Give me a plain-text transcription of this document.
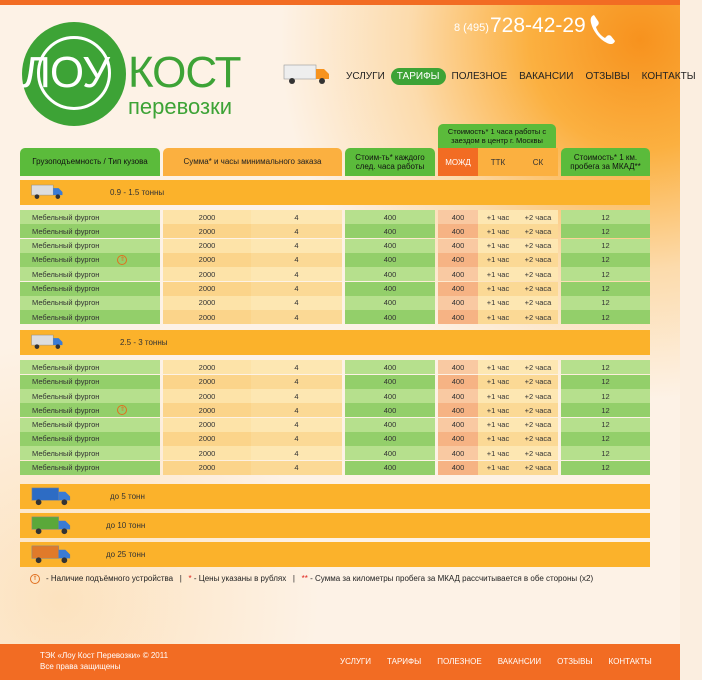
ЛОУ КОСТ
перевозки
8 (495) 728-42-29
УСЛУГИ	ТАРИФЫ	ПОЛЕЗНОЕ	ВАКАНСИИ	ОТЗЫВЫ	КОНТАКТЫ
Грузоподъемность / Тип кузова	Сумма* и часы минимального заказа
Стоим-ть* каждого след. часа работы
Стоимость* 1 часа работы с заездом в центр г. Москвы
МОЖД	ТТК	СК
Стоимость* 1 км. пробега за МКАД**
0.9 - 1.5 тонны
Мебельный фургон	2000	4	400	400	+1 час	+2 часа	12
Мебельный фургон	2000	4	400	400	+1 час	+2 часа	12
Мебельный фургон	2000	4	400	400	+1 час	+2 часа	12
Мебельный фургон	⇑	2000	4	400	400	+1 час	+2 часа	12
Мебельный фургон	2000	4	400	400	+1 час	+2 часа	12
Мебельный фургон	2000	4	400	400	+1 час	+2 часа	12
Мебельный фургон	2000	4	400	400	+1 час	+2 часа	12
Мебельный фургон	2000	4	400	400	+1 час	+2 часа	12
2.5 - 3 тонны
Мебельный фургон	2000	4	400	400	+1 час	+2 часа	12
Мебельный фургон	2000	4	400	400	+1 час	+2 часа	12
Мебельный фургон	2000	4	400	400	+1 час	+2 часа	12
Мебельный фургон	⇑	2000	4	400	400	+1 час	+2 часа	12
Мебельный фургон	2000	4	400	400	+1 час	+2 часа	12
Мебельный фургон	2000	4	400	400	+1 час	+2 часа	12
Мебельный фургон	2000	4	400	400	+1 час	+2 часа	12
Мебельный фургон	2000	4	400	400	+1 час	+2 часа	12
до 5 тонн
до 10 тонн
до 25 тонн
⇑ - Наличие подъёмного устройства | * - Цены указаны в рублях | ** - Сумма за километры пробега за МКАД рассчитывается в обе стороны (x2)
ТЭК «Лоу Кост Перевозки» © 2011
Все права защищены
УСЛУГИ ТАРИФЫ ПОЛЕЗНОЕ ВАКАНСИИ ОТЗЫВЫ КОНТАКТЫ
